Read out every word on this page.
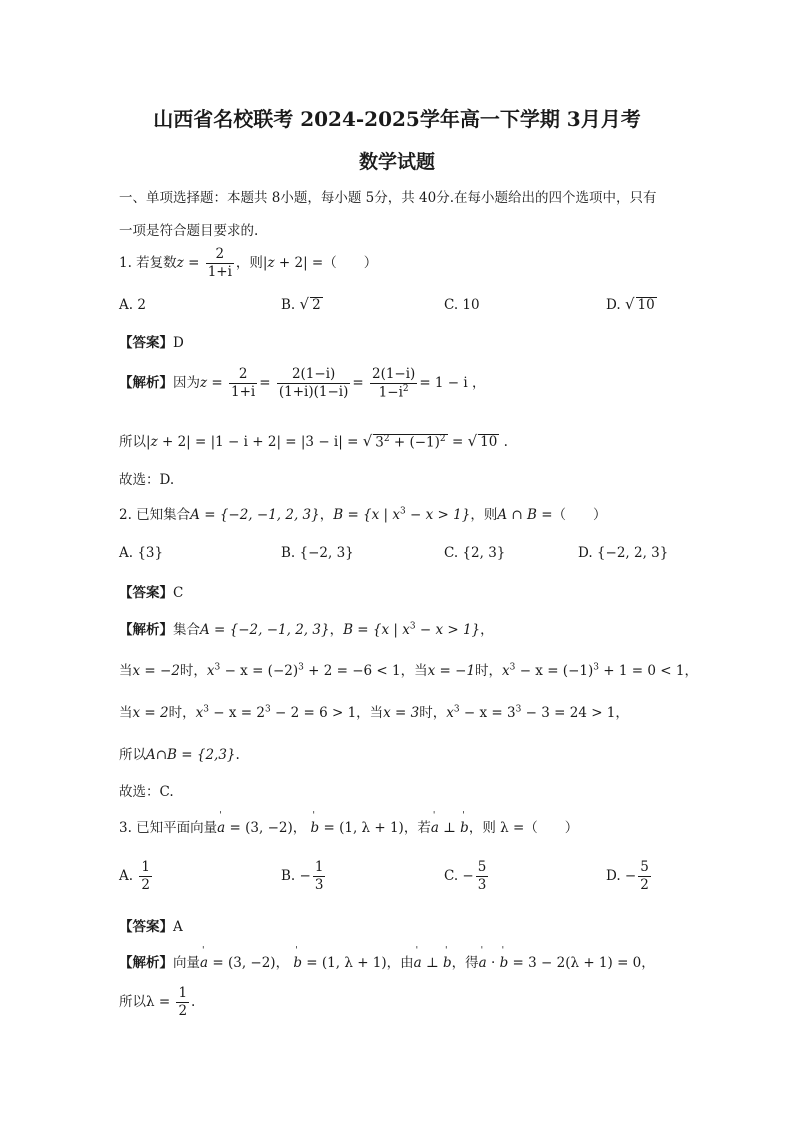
山西省名校联考 2024-2025学年高一下学期 3月月考
数学试题
一、单项选择题：本题共 8小题，每小题 5分，共 40分.在每小题给出的四个选项中，只有
一项是符合题目要求的.
1. 若复数$z = \frac{2}{1+i}$ ，则|z + 2| =（　　）
A. 2	B. √ 2	C. 10	D. √ 10
【答案】D
【解析】因为$z = \frac{2}{1+i} = \frac{2(1-i)}{(1+i)(1-i)} = \frac{2(1-i)}{1-i^2} = 1 - i$ ，
所以|z + 2| = |1 − i + 2| = |3 − i| = √ $3^2 + (-1)^2$ = √ 10 .
故选：D.
2. 已知集合A = {−2, −1, 2, 3}，B = {x | $x^3 - x > 1$}，则A ∩ B =（　　）
A. {3}	B. {−2, 3}	C. {2, 3}	D. {−2, 2, 3}
【答案】C
【解析】集合A = {−2, −1, 2, 3}，B = {x | $x^3 - x > 1$}，
当x = −2时，$x^3 - x = (-2)^3 + 2 = -6 < 1$，当x = −1时，$x^3 - x = (-1)^3 + 1 = 0 < 1$，
当x = 2时，$x^3 - x = 2^3 - 2 = 6 > 1$，当x = 3时，$x^3 - x = 3^3 - 3 = 24 > 1$，
所以A∩B = {2,3}.
故选：C.
3. 已知平面向量' a = (3, −2)， ' b = (1, λ + 1)，若' a ⊥ ' b，则 λ =（　　）
A. $\frac{1}{2}$	B. − $\frac{1}{3}$	C. − $\frac{5}{3}$	D. − $\frac{5}{2}$
【答案】A
【解析】向量' a = (3, −2)， ' b = (1, λ + 1)，由' a ⊥ ' b，得' a · ' b = 3 − 2(λ + 1) = 0，
所以$\lambda = \frac{1}{2}$ .
